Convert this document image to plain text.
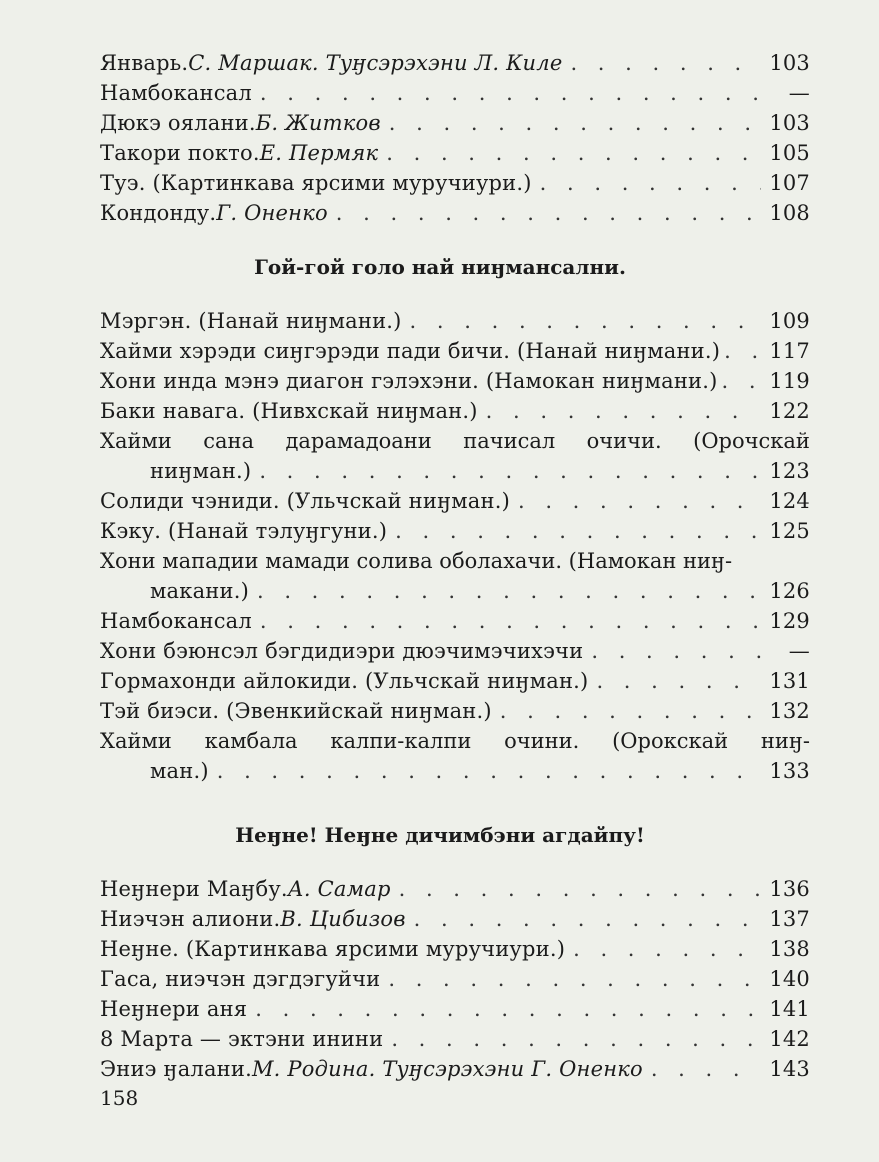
Январь. С. Маршак. Туӈсэрэхэни Л. Киле . . .	103
Намбокансал . . .	—
Дюкэ оялани. Б. Житков . . .	103
Такори покто. Е. Пермяк . . .	105
Туэ. (Картинкава ярсими муручиури.) . . .	107
Кондонду. Г. Оненко . . .	108
Гой-гой голо най ниӈмансални.
Мэргэн. (Нанай ниӈмани.) . . .	109
Хайми хэрэди сиӈгэрэди пади бичи. (Нанай ниӈмани.) . . . 117
Хони инда мэнэ диагон гэлэхэни. (Намокан ниӈмани.) . . . 119
Баки навага. (Нивхскай ниӈман.) . . .	122
Хайми сана дарамадоани пачисал очичи. (Орочскай
ниӈман.) . . .	123
Солиди чэниди. (Ульчскай ниӈман.) . . .	124
Кэку. (Нанай тэлуӈгуни.) . . .	125
Хони мападии мамади солива оболахачи. (Намокан ниӈ-
макани.) . . .	126
Намбокансал . . .	129
Хони бэюнсэл бэгдидиэри дюэчимэчихэчи . . .	—
Гормахонди айлокиди. (Ульчскай ниӈман.) . . .	131
Тэй биэси. (Эвенкийскай ниӈман.) . . .	132
Хайми камбала калпи-калпи очини. (Орокскай ниӈ-
ман.) . . .	133
Неӈне! Неӈне дичимбэни агдайпу!
Неӈнери Маӈбу. А. Самар . . .	136
Ниэчэн алиони. В. Цибизов . . .	137
Неӈне. (Картинкава ярсими муручиури.) . . .	138
Гаса, ниэчэн дэгдэгуйчи . . .	140
Неӈнери аня . . .	141
8 Марта — эктэни инини . . .	142
Эниэ ӈалани. М. Родина. Туӈсэрэхэни Г. Оненко . . .	143
158
